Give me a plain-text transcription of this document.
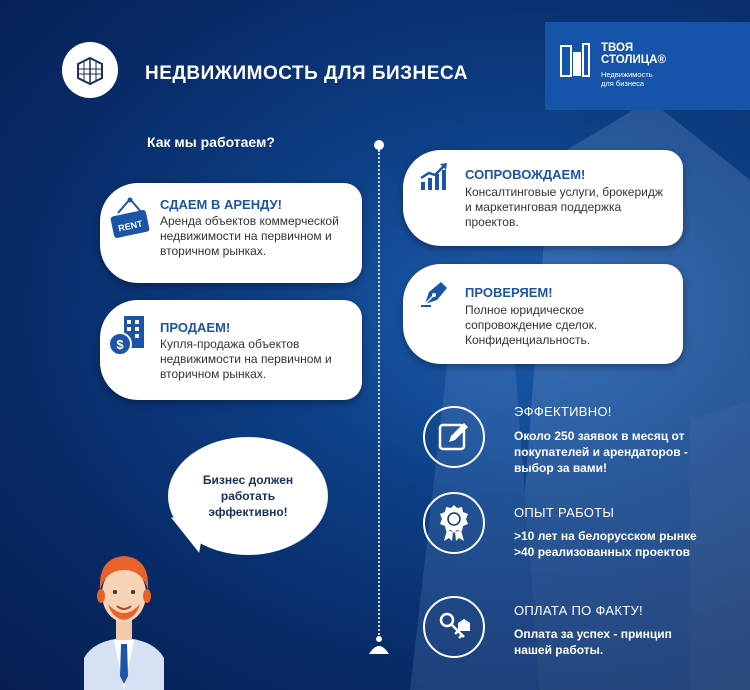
НЕДВИЖИМОСТЬ ДЛЯ БИЗНЕСА
ТВОЯ
СТОЛИЦА®
Недвижимость
для бизнеса
Как мы работаем?
RENT
СДАЕМ В АРЕНДУ!
Аренда объектов коммерческой недвижимости на первичном и вторичном рынках.
$
ПРОДАЕМ!
Купля-продажа объектов недвижимости на первичном и вторичном рынках.
СОПРОВОЖДАЕМ!
Консалтинговые услуги, брокеридж и маркетинговая поддержка проектов.
ПРОВЕРЯЕМ!
Полное юридическое сопровождение сделок. Конфиденциальность.
ЭФФЕКТИВНО!
Около 250 заявок в месяц от покупателей и арендаторов - выбор за вами!
ОПЫТ РАБОТЫ
>10 лет на белорусском рынке >40 реализованных проектов
ОПЛАТА ПО ФАКТУ!
Оплата за успех - принцип нашей работы.
Бизнес должен работать эффективно!
